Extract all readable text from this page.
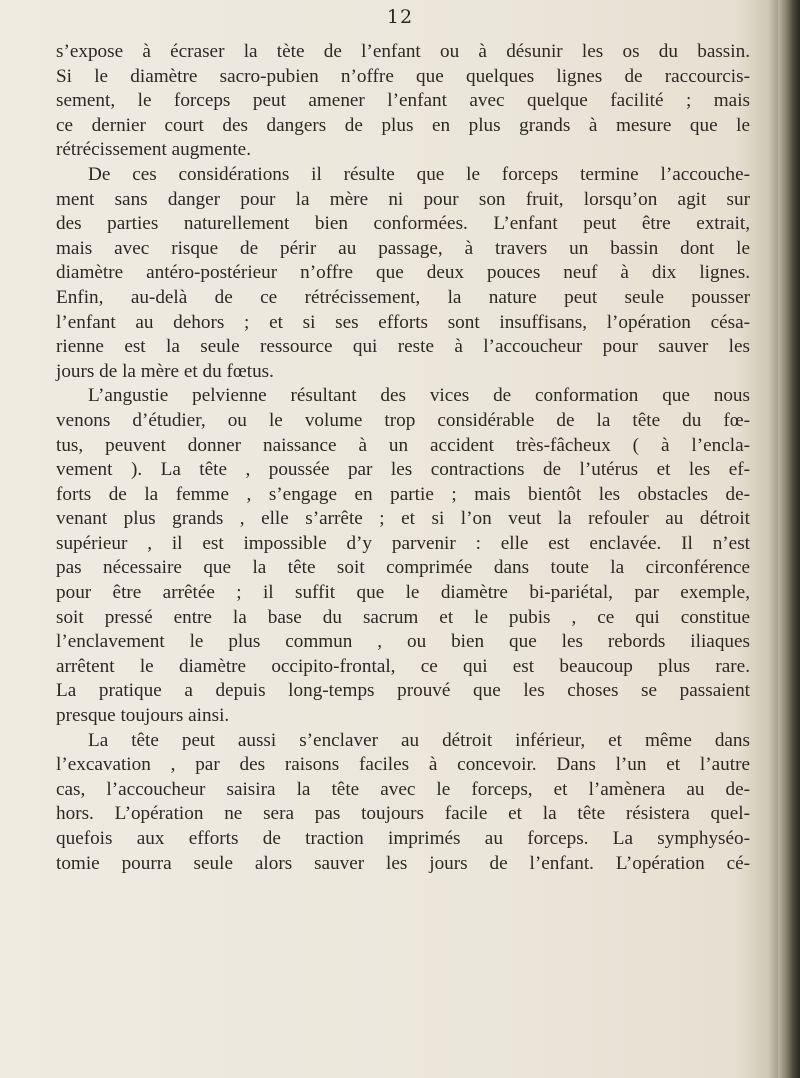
12
s’expose à écraser la tète de l’enfant ou à désunir les os du bassin.
Si le diamètre sacro-pubien n’offre que quelques lignes de raccourcis-
sement, le forceps peut amener l’enfant avec quelque facilité ; mais
ce dernier court des dangers de plus en plus grands à mesure que le
rétrécissement augmente.
De ces considérations il résulte que le forceps termine l’accouche-
ment sans danger pour la mère ni pour son fruit, lorsqu’on agit sur
des parties naturellement bien conformées. L’enfant peut être extrait,
mais avec risque de périr au passage, à travers un bassin dont le
diamètre antéro-postérieur n’offre que deux pouces neuf à dix lignes.
Enfin, au-delà de ce rétrécissement, la nature peut seule pousser
l’enfant au dehors ; et si ses efforts sont insuffisans, l’opération césa-
rienne est la seule ressource qui reste à l’accoucheur pour sauver les
jours de la mère et du fœtus.
L’angustie pelvienne résultant des vices de conformation que nous
venons d’étudier, ou le volume trop considérable de la tête du fœ-
tus, peuvent donner naissance à un accident très-fâcheux ( à l’encla-
vement ). La tête , poussée par les contractions de l’utérus et les ef-
forts de la femme , s’engage en partie ; mais bientôt les obstacles de-
venant plus grands , elle s’arrête ; et si l’on veut la refouler au détroit
supérieur , il est impossible d’y parvenir : elle est enclavée. Il n’est
pas nécessaire que la tête soit comprimée dans toute la circonférence
pour être arrêtée ; il suffit que le diamètre bi-pariétal, par exemple,
soit pressé entre la base du sacrum et le pubis , ce qui constitue
l’enclavement le plus commun , ou bien que les rebords iliaques
arrêtent le diamètre occipito-frontal, ce qui est beaucoup plus rare.
La pratique a depuis long-temps prouvé que les choses se passaient
presque toujours ainsi.
La tête peut aussi s’enclaver au détroit inférieur, et même dans
l’excavation , par des raisons faciles à concevoir. Dans l’un et l’autre
cas, l’accoucheur saisira la tête avec le forceps, et l’amènera au de-
hors. L’opération ne sera pas toujours facile et la tête résistera quel-
quefois aux efforts de traction imprimés au forceps. La symphyséo-
tomie pourra seule alors sauver les jours de l’enfant. L’opération cé-
